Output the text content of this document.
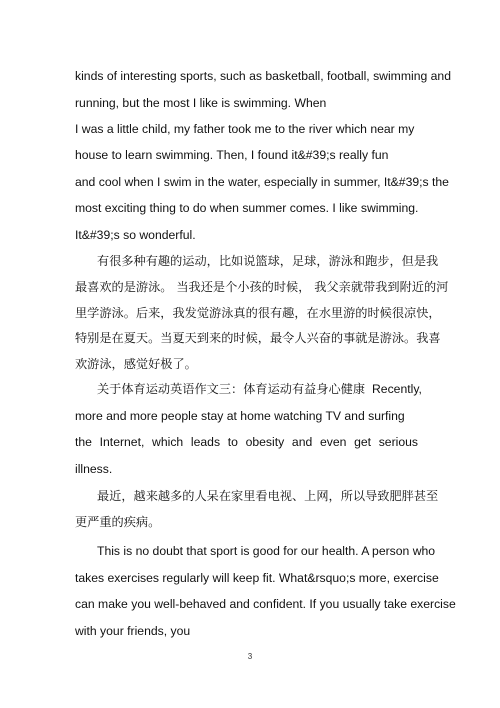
kinds of interesting sports, such as basketball, football, swimming and
running, but the most I like is swimming. When
I was a little child, my father took me to the river which near my
house to learn swimming. Then, I found it&#39;s really fun
and cool when I swim in the water, especially in summer, It&#39;s the
most exciting thing to do when summer comes. I like swimming.
It&#39;s so wonderful.
有很多种有趣的运动，比如说篮球，足球，游泳和跑步，但是我
最喜欢的是游泳。 当我还是个小孩的时候， 我父亲就带我到附近的河
里学游泳。后来，我发觉游泳真的很有趣，在水里游的时候很凉快，
特别是在夏天。当夏天到来的时候，最令人兴奋的事就是游泳。我喜
欢游泳，感觉好极了。
关于体育运动英语作文三：体育运动有益身心健康 Recently,
more and more people stay at home watching TV and surfing
the Internet, which leads to obesity and even get serious
illness.
最近，越来越多的人呆在家里看电视、上网，所以导致肥胖甚至
更严重的疾病。
This is no doubt that sport is good for our health. A person who
takes exercises regularly will keep fit. What&rsquo;s more, exercise
can make you well-behaved and confident. If you usually take exercise
with your friends, you
3
